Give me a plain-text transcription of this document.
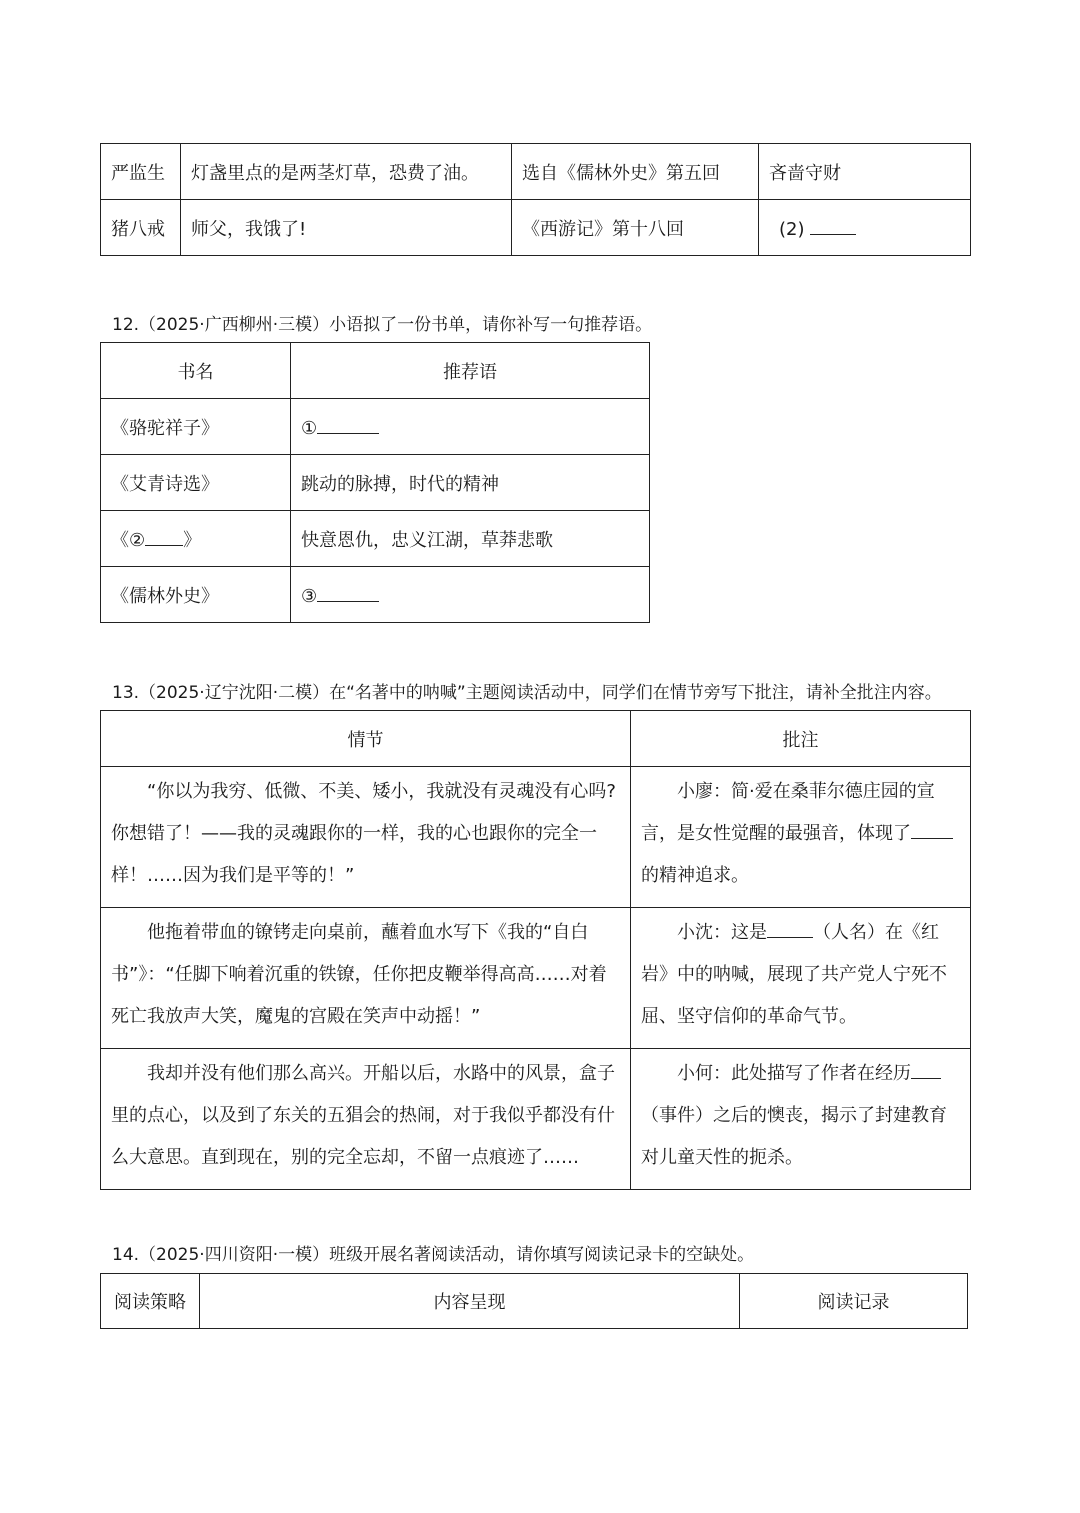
严监生	灯盏里点的是两茎灯草，恐费了油。	选自《儒林外史》第五回	吝啬守财
猪八戒	师父，我饿了!	《西游记》第十八回	(2)
12.（2025·广西柳州·三模）小语拟了一份书单，请你补写一句推荐语。
书名	推荐语
《骆驼祥子》	①
《艾青诗选》	跳动的脉搏，时代的精神
《② 》	快意恩仇，忠义江湖，草莽悲歌
《儒林外史》	③
13.（2025·辽宁沈阳·二模）在“名著中的呐喊”主题阅读活动中，同学们在情节旁写下批注，请补全批注内容。
情节	批注

“你以为我穷、低微、不美、矮小，我就没有灵魂没有心吗?你想错了！——我的灵魂跟你的一样，我的心也跟你的完全一样！……因为我们是平等的！”	小廖：简·爱在桑菲尔德庄园的宣言，是女性觉醒的最强音，体现了的精神追求。

他拖着带血的镣铐走向桌前，蘸着血水写下《我的“自白书”》：“任脚下响着沉重的铁镣，任你把皮鞭举得高高……对着死亡我放声大笑，魔鬼的宫殿在笑声中动摇！”	小沈：这是 （人名）在《红岩》中的呐喊，展现了共产党人宁死不屈、坚守信仰的革命气节。

我却并没有他们那么高兴。开船以后，水路中的风景，盒子里的点心，以及到了东关的五猖会的热闹，对于我似乎都没有什么大意思。直到现在，别的完全忘却，不留一点痕迹了……	小何：此处描写了作者在经历（事件）之后的懊丧，揭示了封建教育对儿童天性的扼杀。
14.（2025·四川资阳·一模）班级开展名著阅读活动，请你填写阅读记录卡的空缺处。
阅读策略	内容呈现	阅读记录
